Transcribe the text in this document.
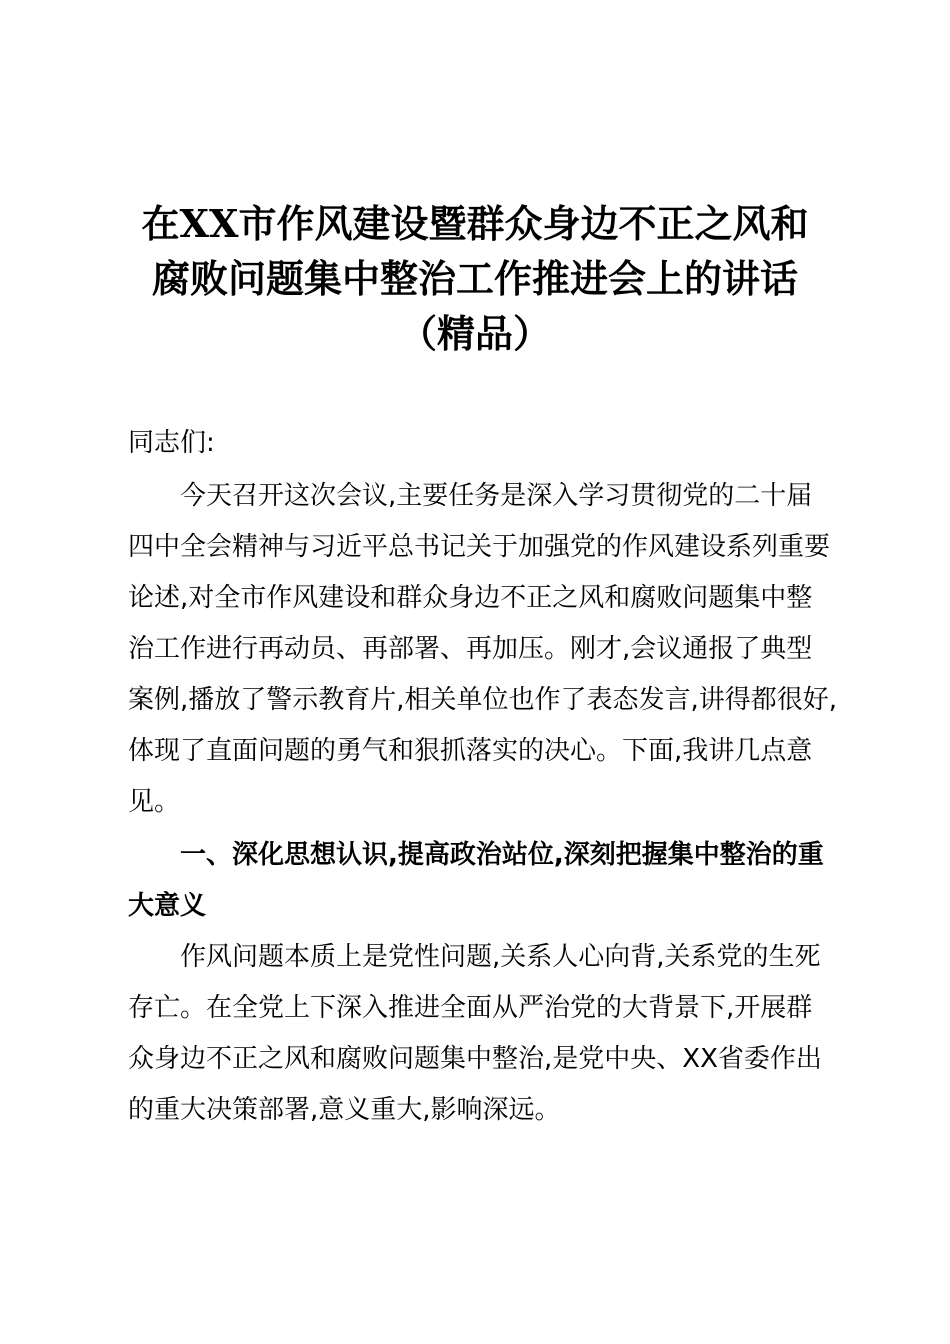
在XX市作风建设暨群众身边不正之风和
腐败问题集中整治工作推进会上的讲话
（精品）

同志们:

今天召开这次会议,主要任务是深入学习贯彻党的二十届
四中全会精神与习近平总书记关于加强党的作风建设系列重要
论述,对全市作风建设和群众身边不正之风和腐败问题集中整
治工作进行再动员、再部署、再加压。刚才,会议通报了典型
案例,播放了警示教育片,相关单位也作了表态发言,讲得都很好,
体现了直面问题的勇气和狠抓落实的决心。下面,我讲几点意
见。

一、深化思想认识,提高政治站位,深刻把握集中整治的重
大意义

作风问题本质上是党性问题,关系人心向背,关系党的生死
存亡。在全党上下深入推进全面从严治党的大背景下,开展群
众身边不正之风和腐败问题集中整治,是党中央、XX省委作出
的重大决策部署,意义重大,影响深远。
